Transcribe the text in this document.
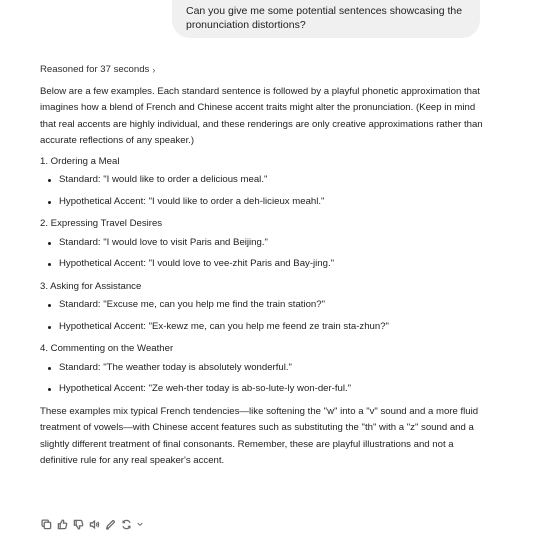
Can you give me some potential sentences showcasing the pronunciation distortions?
Reasoned for 37 seconds ›

Below are a few examples. Each standard sentence is followed by a playful phonetic approximation that imagines how a blend of French and Chinese accent traits might alter the pronunciation. (Keep in mind that real accents are highly individual, and these renderings are only creative approximations rather than accurate reflections of any speaker.)

1. Ordering a Meal
Standard: "I would like to order a delicious meal."
Hypothetical Accent: "I vould like to order a deh-licieux meahl."
2. Expressing Travel Desires
Standard: "I would love to visit Paris and Beijing."
Hypothetical Accent: "I vould love to vee-zhit Paris and Bay-jing."
3. Asking for Assistance
Standard: "Excuse me, can you help me find the train station?"
Hypothetical Accent: "Ex-kewz me, can you help me feend ze train sta-zhun?"
4. Commenting on the Weather
Standard: "The weather today is absolutely wonderful."
Hypothetical Accent: "Ze weh-ther today is ab-so-lute-ly won-der-ful."

These examples mix typical French tendencies—like softening the "w" into a "v" sound and a more fluid treatment of vowels—with Chinese accent features such as substituting the "th" with a "z" sound and a slightly different treatment of final consonants. Remember, these are playful illustrations and not a definitive rule for any real speaker's accent.
